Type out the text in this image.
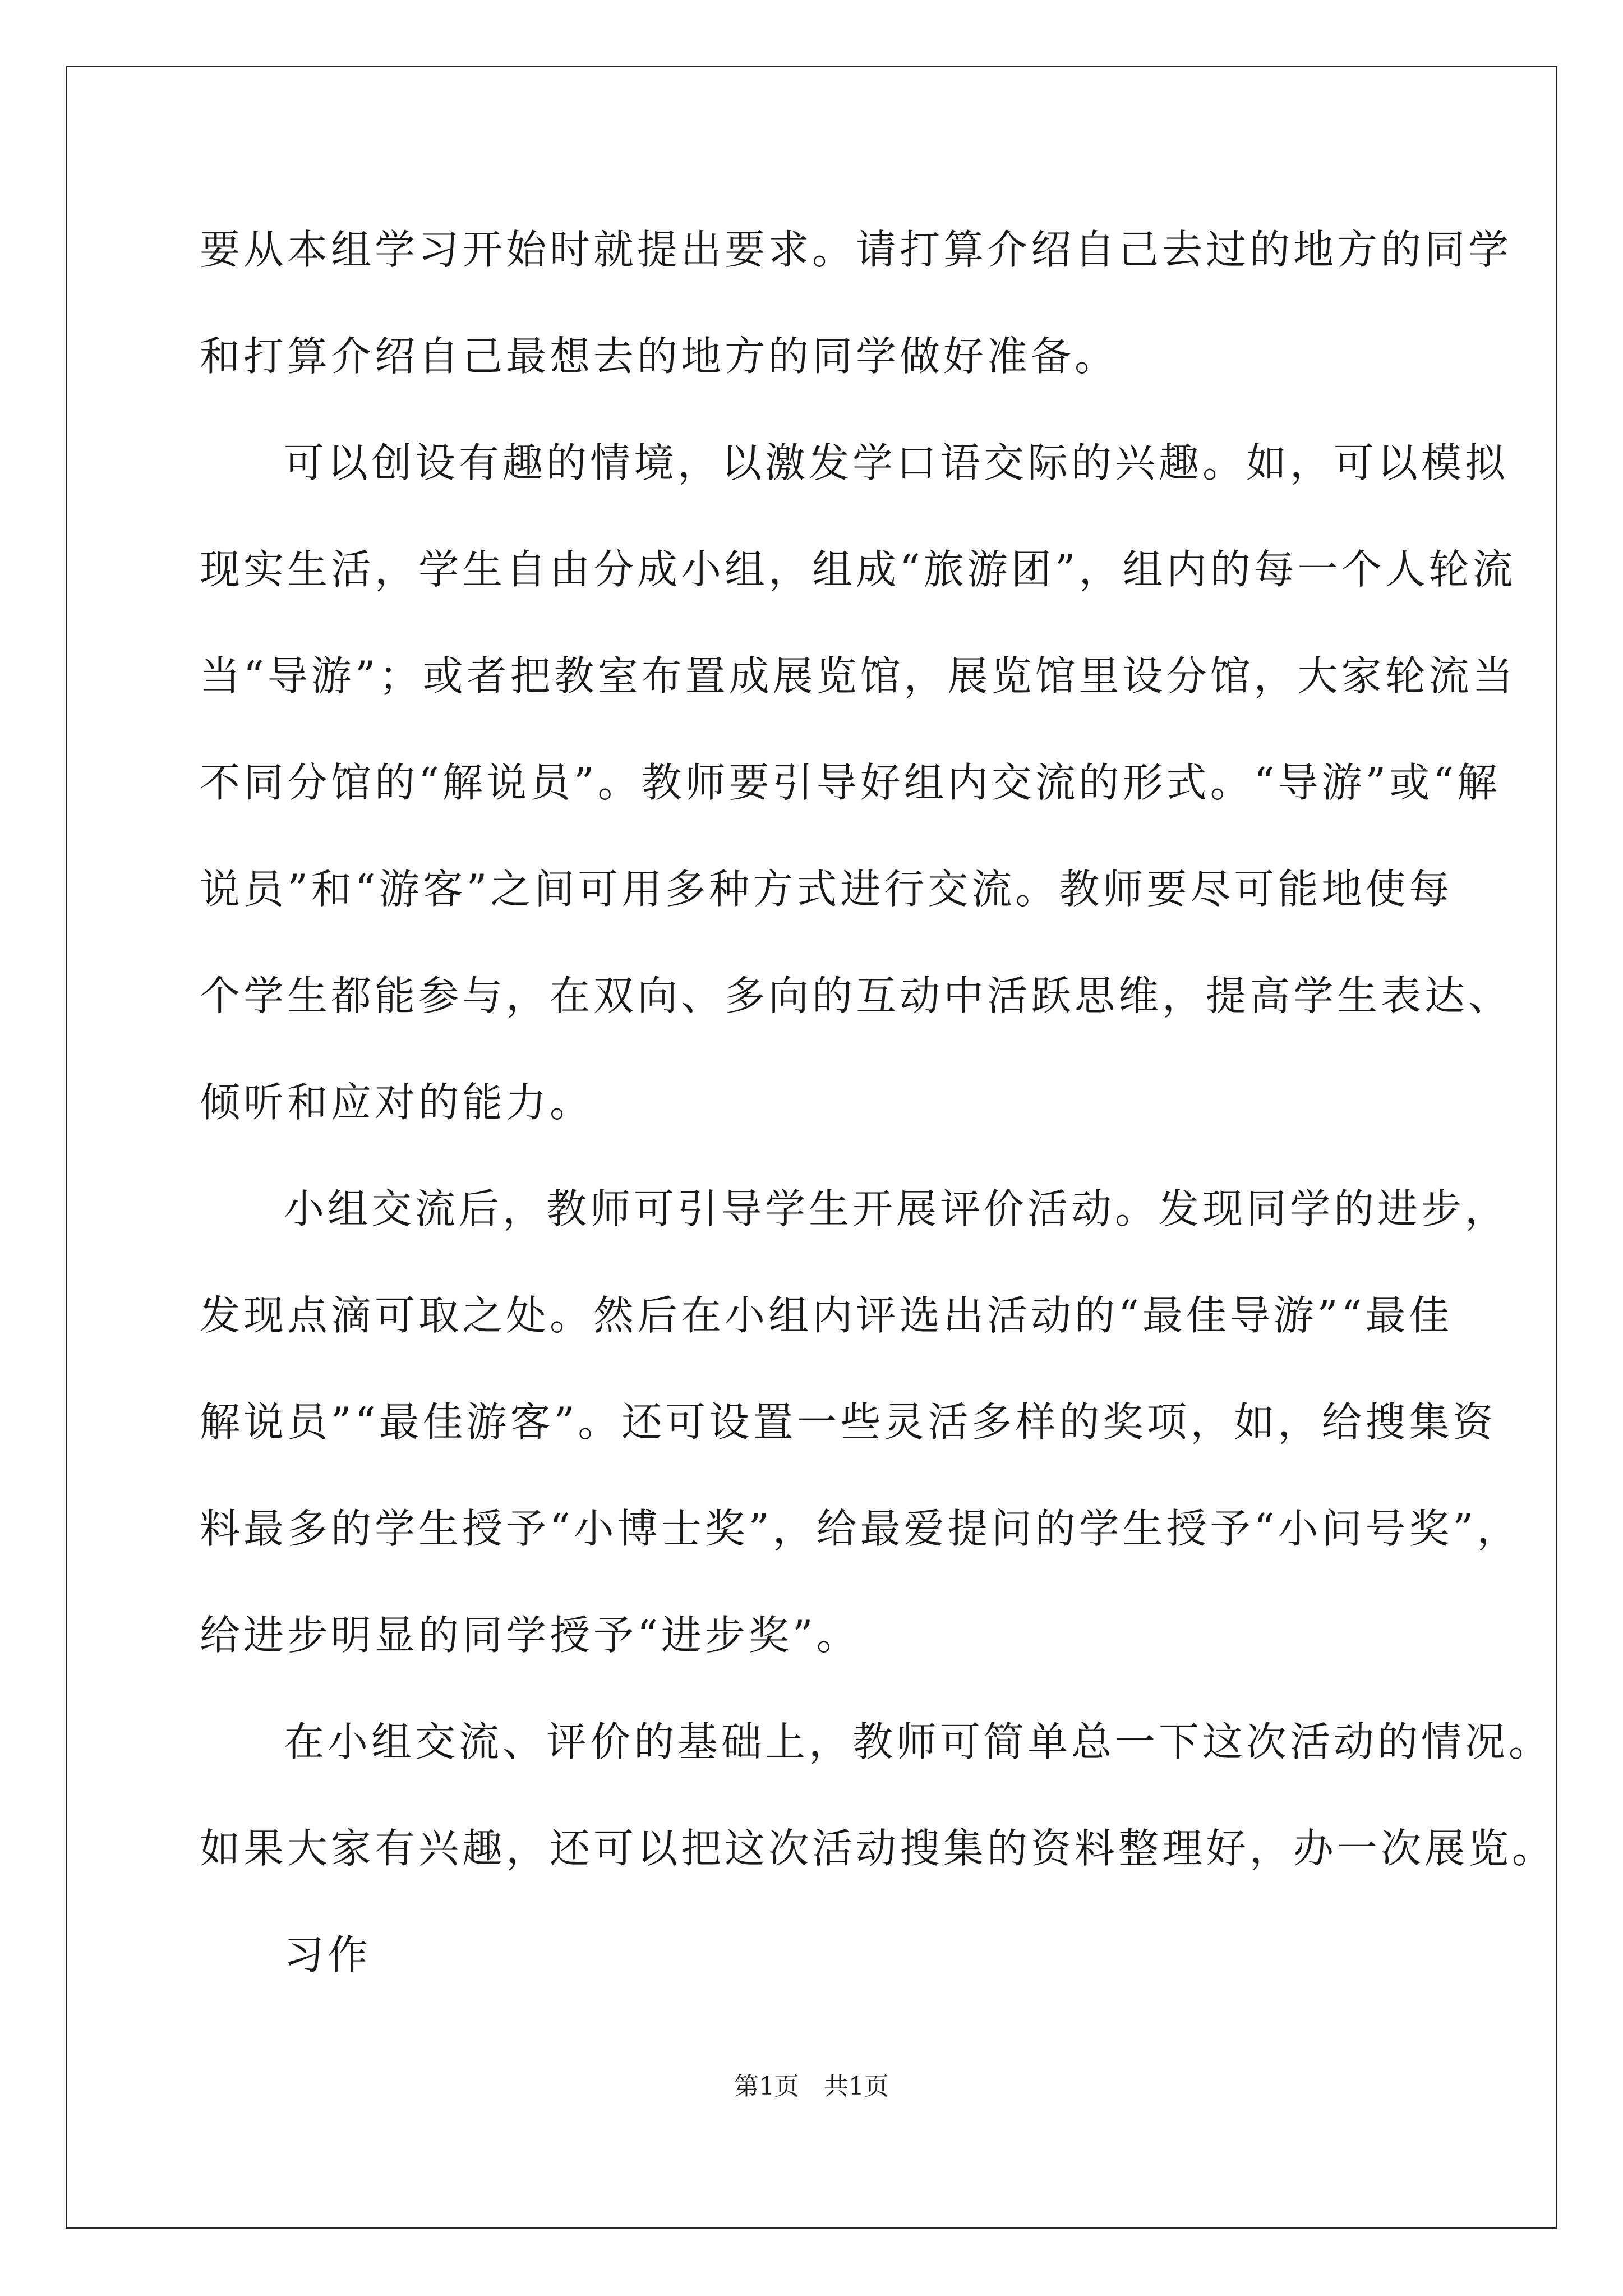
要从本组学习开始时就提出要求。请打算介绍自己去过的地方的同学
和打算介绍自己最想去的地方的同学做好准备。
可以创设有趣的情境，以激发学口语交际的兴趣。如，可以模拟
现实生活，学生自由分成小组，组成“旅游团”，组内的每一个人轮流
当“导游”；或者把教室布置成展览馆，展览馆里设分馆，大家轮流当
不同分馆的“解说员”。教师要引导好组内交流的形式。“导游”或“解
说员”和“游客”之间可用多种方式进行交流。教师要尽可能地使每
个学生都能参与，在双向、多向的互动中活跃思维，提高学生表达、
倾听和应对的能力。
小组交流后，教师可引导学生开展评价活动。发现同学的进步，
发现点滴可取之处。然后在小组内评选出活动的“最佳导游”“最佳
解说员”“最佳游客”。还可设置一些灵活多样的奖项，如，给搜集资
料最多的学生授予“小博士奖”，给最爱提问的学生授予“小问号奖”，
给进步明显的同学授予“进步奖”。
在小组交流、评价的基础上，教师可简单总一下这次活动的情况。
如果大家有兴趣，还可以把这次活动搜集的资料整理好，办一次展览。
习作
第1页　共1页
